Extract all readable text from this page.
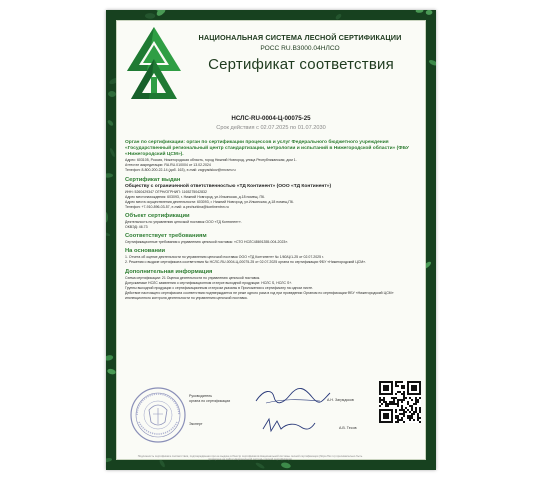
НАЦИОНАЛЬНАЯ СИСТЕМА ЛЕСНОЙ СЕРТИФИКАЦИИ
РОСС RU.В3000.04НЛСО
Сертификат соответствия
НСЛС-RU-0004-Ц-00075-25
Срок действия с 02.07.2025 по 01.07.2030
Орган по сертификации: орган по сертификации процессов и услуг Федерального бюджетного учреждения «Государственный региональный центр стандартизации, метрологии и испытаний в Нижегородской области» (ФБУ «Нижегородский ЦСМ»).

Адрес: 603105, Россия, Нижегородская область, город Нижний Новгород, улица Республиканская, дом 1.

Аттестат аккредитации: RA.RU.010004 от 13.02.2024

Телефон: 8-800-200-22-14 (доб. 163), e-mail: zagryadskov@nncsm.ru

Сертификат выдан
Обществу с ограниченной ответственностью «ТД Континент» (ООО «ТД Континент»)

ИНН: 5260429347 ОГРН/ОГРНИП: 1165275042832

Адрес местонахождения: 603093, г. Нижний Новгород, ул.Ильинская, д.18 помещ. П6.

Адрес места осуществления деятельности: 603093, г. Нижний Новгород, ул.Ильинская, д.18 помещ.П6.

Телефон: +7-910-896-03-57, e-mail: a.pechurkina@kontinentnn.ru

Объект сертификации

Деятельность по управлению цепочкой поставок ООО «ТД Континент».

ОКВЭД: 46.73

Соответствует требованиям

Сертификационные требования к управлению цепочкой поставок: «СТО НСЛС48691355-004-2023».

На основании

1. Отчета об оценке деятельности по управлению цепочкой поставок ООО «ТД Континент» № 1/60/Ц/1-25 от 02.07.2025 г.

2. Решения о выдаче сертификата соответствия № НСЛС-RU-0004-Ц-00075-25 от 02.07.2025 органа по сертификации ФБУ «Нижегородский ЦСМ».

Дополнительная информация

Схема сертификации: 21 Оценка деятельности по управлению цепочкой поставок.

Допускаемые НСЛС заявления о сертификационном статусе выходной продукции: НСЛС S, НСЛС S+.

Группы выходной продукции с сертификационным статусом указаны в Приложении к сертификату на одном листе.

Действие настоящего сертификата соответствия подтверждается не реже одного раза в год при проведении Органом по сертификации ФБУ «Нижегородский ЦСМ» инспекционного контроля деятельности по управлению цепочкой поставок.

Руководитель
органа по сертификации	А.Н. Загрядсков
Эксперт
А.В. Тесов
Подлинность сертификата соответствия, подтверждённая при ее выдаче в Реестр сертификатов Национальной системы лесной сертификации (https://fsc.ru) пресимательно быть проверена на сайте Национальной системы лесной сертификации
